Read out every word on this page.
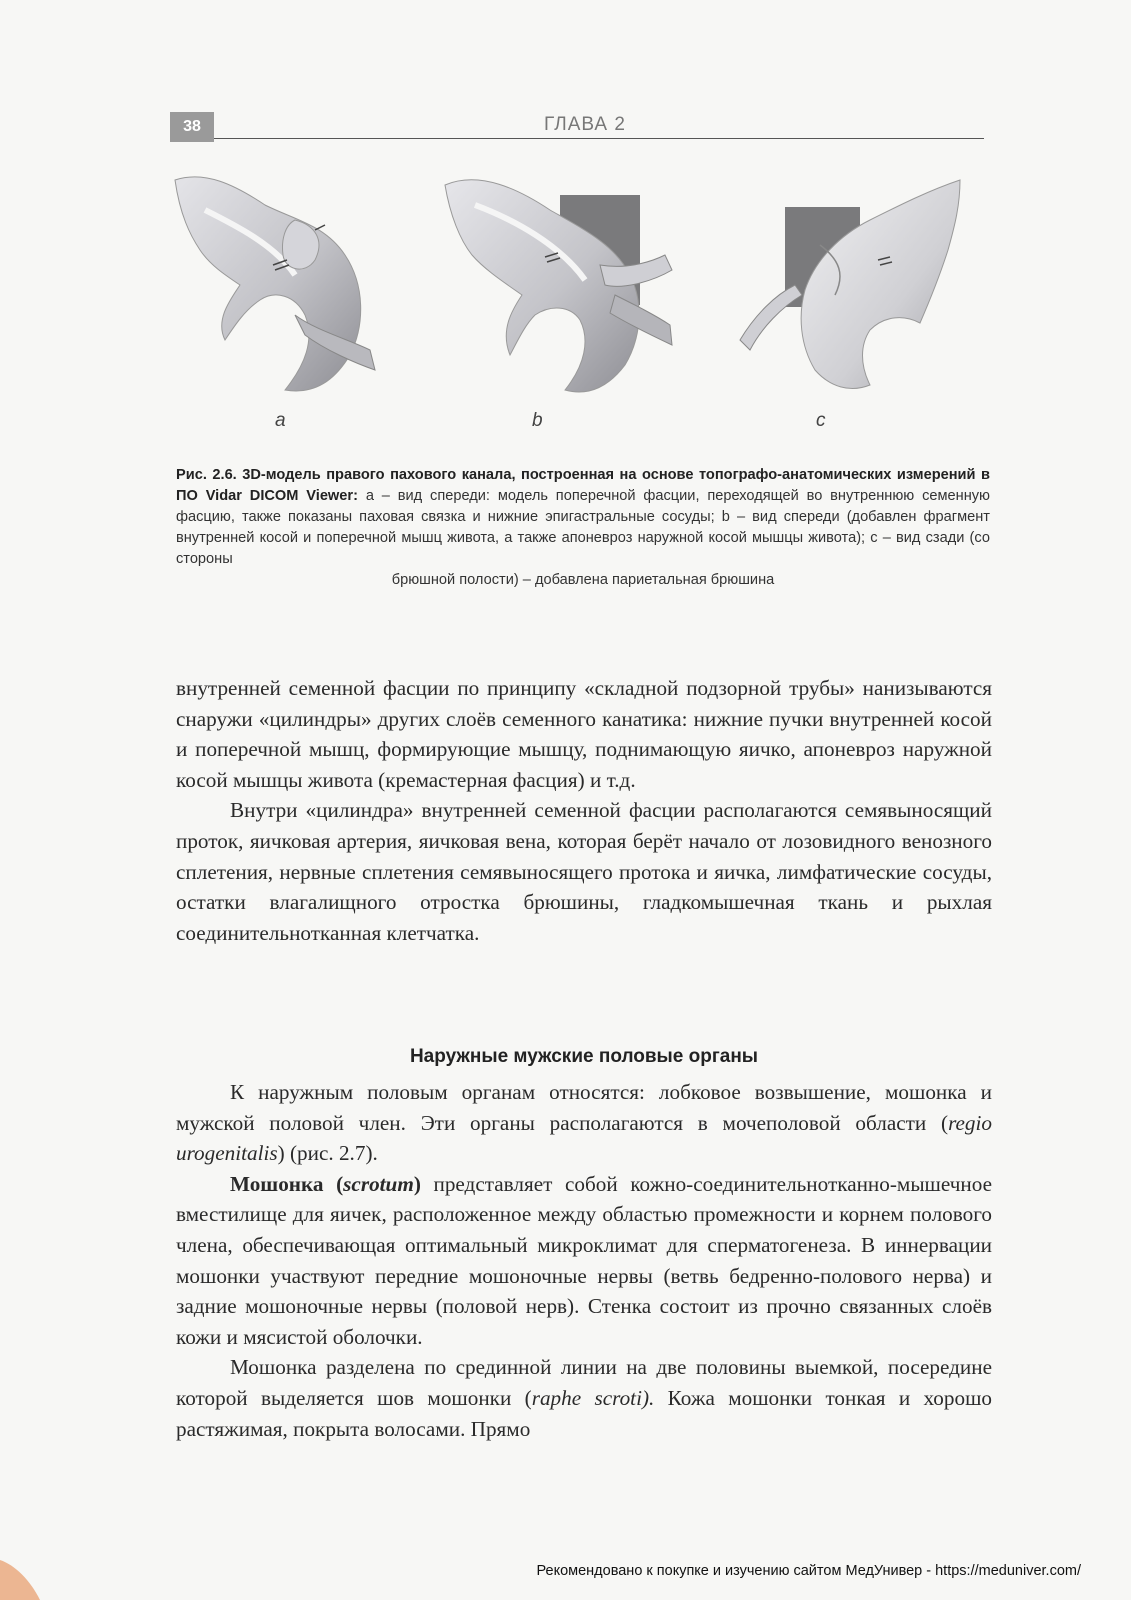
38	ГЛАВА 2
a	b	c
Рис. 2.6. 3D-модель правого пахового канала, построенная на основе топографо-анатомических измерений в ПО Vidar DICOM Viewer: a – вид спереди: модель поперечной фасции, переходящей во внутреннюю семенную фасцию, также показаны паховая связка и нижние эпигастральные сосуды; b – вид спереди (добавлен фрагмент внутренней косой и поперечной мышц живота, а также апоневроз наружной косой мышцы живота); c – вид сзади (со стороны
брюшной полости) – добавлена париетальная брюшина

внутренней семенной фасции по принципу «складной подзорной трубы» нанизываются снаружи «цилиндры» других слоёв семенного канатика: нижние пучки внутренней косой и поперечной мышц, формирующие мышцу, поднимающую яичко, апоневроз наружной косой мышцы живота (кремастерная фасция) и т.д.

Внутри «цилиндра» внутренней семенной фасции располагаются семявыносящий проток, яичковая артерия, яичковая вена, которая берёт начало от лозовидного венозного сплетения, нервные сплетения семявыносящего протока и яичка, лимфатические сосуды, остатки влагалищного отростка брюшины, гладкомышечная ткань и рыхлая соединительнотканная клетчатка.

Наружные мужские половые органы

К наружным половым органам относятся: лобковое возвышение, мошонка и мужской половой член. Эти органы располагаются в мочеполовой области (regio urogenitalis) (рис. 2.7).

Мошонка (scrotum) представляет собой кожно-соединительнотканно-мышечное вместилище для яичек, расположенное между областью промежности и корнем полового члена, обеспечивающая оптимальный микроклимат для сперматогенеза. В иннервации мошонки участвуют передние мошоночные нервы (ветвь бедренно-полового нерва) и задние мошоночные нервы (половой нерв). Стенка состоит из прочно связанных слоёв кожи и мясистой оболочки.

Мошонка разделена по срединной линии на две половины выемкой, посередине которой выделяется шов мошонки (raphe scroti). Кожа мошонки тонкая и хорошо растяжимая, покрыта волосами. Прямо

Рекомендовано к покупке и изучению сайтом МедУнивер - https://meduniver.com/
